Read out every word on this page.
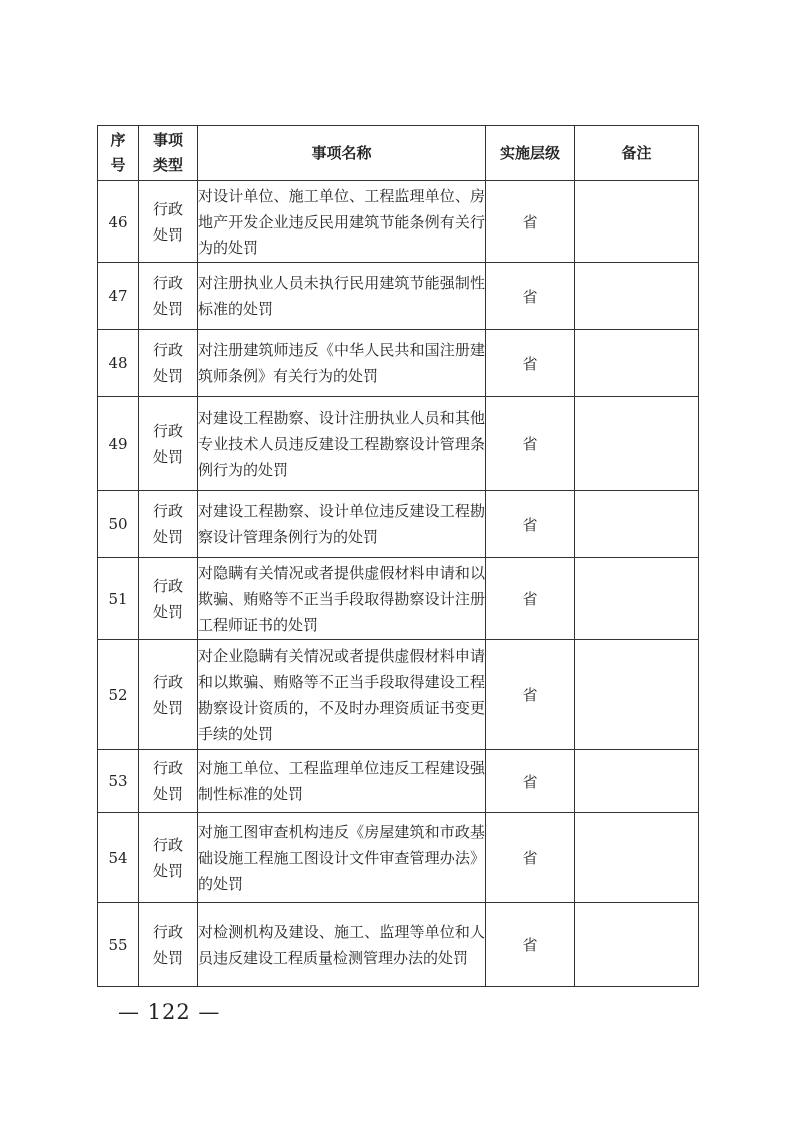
序号	事项类型	事项名称	实施层级	备注
46	行政处罚	对设计单位、施工单位、工程监理单位、房地产开发企业违反民用建筑节能条例有关行为的处罚	省	
47	行政处罚	对注册执业人员未执行民用建筑节能强制性标准的处罚	省	
48	行政处罚	对注册建筑师违反《中华人民共和国注册建筑师条例》有关行为的处罚	省	
49	行政处罚	对建设工程勘察、设计注册执业人员和其他专业技术人员违反建设工程勘察设计管理条例行为的处罚	省	
50	行政处罚	对建设工程勘察、设计单位违反建设工程勘察设计管理条例行为的处罚	省	
51	行政处罚	对隐瞒有关情况或者提供虚假材料申请和以欺骗、贿赂等不正当手段取得勘察设计注册工程师证书的处罚	省	
52	行政处罚	对企业隐瞒有关情况或者提供虚假材料申请和以欺骗、贿赂等不正当手段取得建设工程勘察设计资质的，不及时办理资质证书变更手续的处罚	省	
53	行政处罚	对施工单位、工程监理单位违反工程建设强制性标准的处罚	省	
54	行政处罚	对施工图审查机构违反《房屋建筑和市政基础设施工程施工图设计文件审查管理办法》的处罚	省	
55	行政处罚	对检测机构及建设、施工、监理等单位和人员违反建设工程质量检测管理办法的处罚	省	
— 122 —
